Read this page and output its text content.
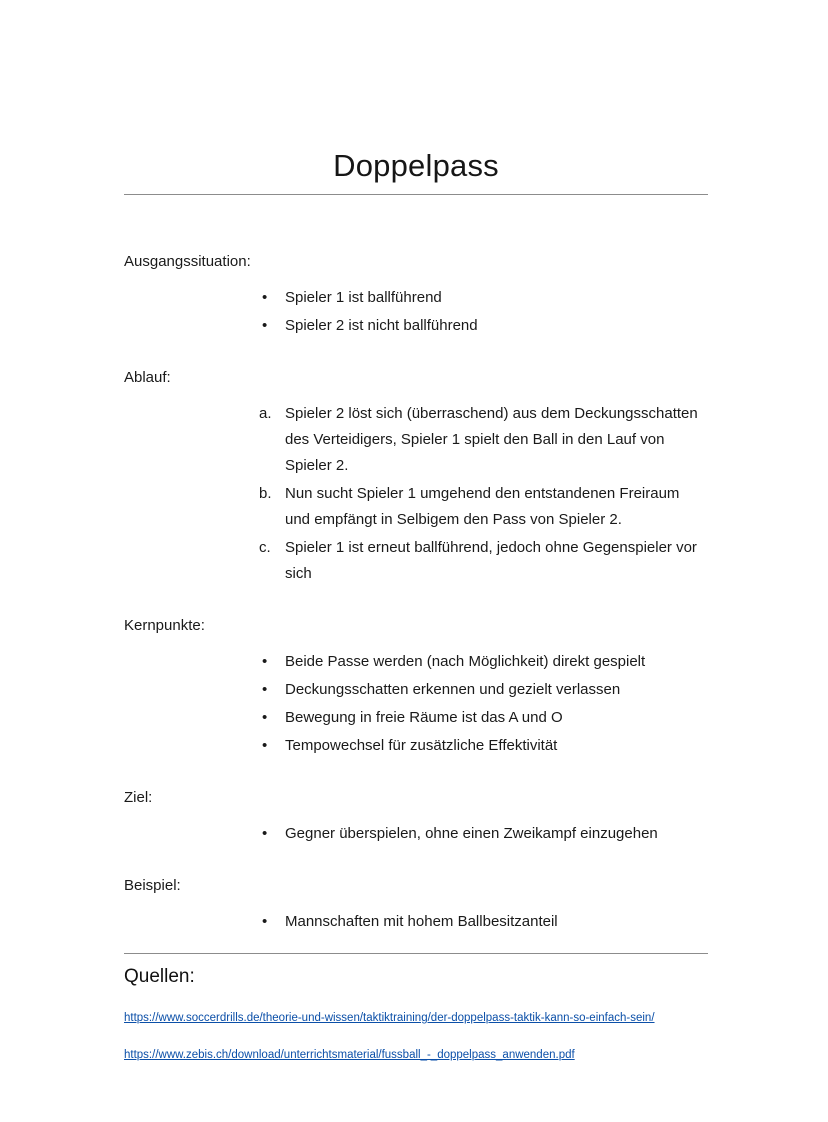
Doppelpass
Ausgangssituation:
• Spieler 1 ist ballführend
• Spieler 2 ist nicht ballführend
Ablauf:
Spieler 2 löst sich (überraschend) aus dem Deckungsschatten des Verteidigers, Spieler 1 spielt den Ball in den Lauf von Spieler 2.
Nun sucht Spieler 1 umgehend den entstandenen Freiraum und empfängt in Selbigem den Pass von Spieler 2.
Spieler 1 ist erneut ballführend, jedoch ohne Gegenspieler vor sich
Kernpunkte:
• Beide Passe werden (nach Möglichkeit) direkt gespielt
• Deckungsschatten erkennen und gezielt verlassen
• Bewegung in freie Räume ist das A und O
• Tempowechsel für zusätzliche Effektivität
Ziel:
• Gegner überspielen, ohne einen Zweikampf einzugehen
Beispiel:
• Mannschaften mit hohem Ballbesitzanteil
Quellen:
https://www.soccerdrills.de/theorie-und-wissen/taktiktraining/der-doppelpass-taktik-kann-so-einfach-sein/
https://www.zebis.ch/download/unterrichtsmaterial/fussball_-_doppelpass_anwenden.pdf
